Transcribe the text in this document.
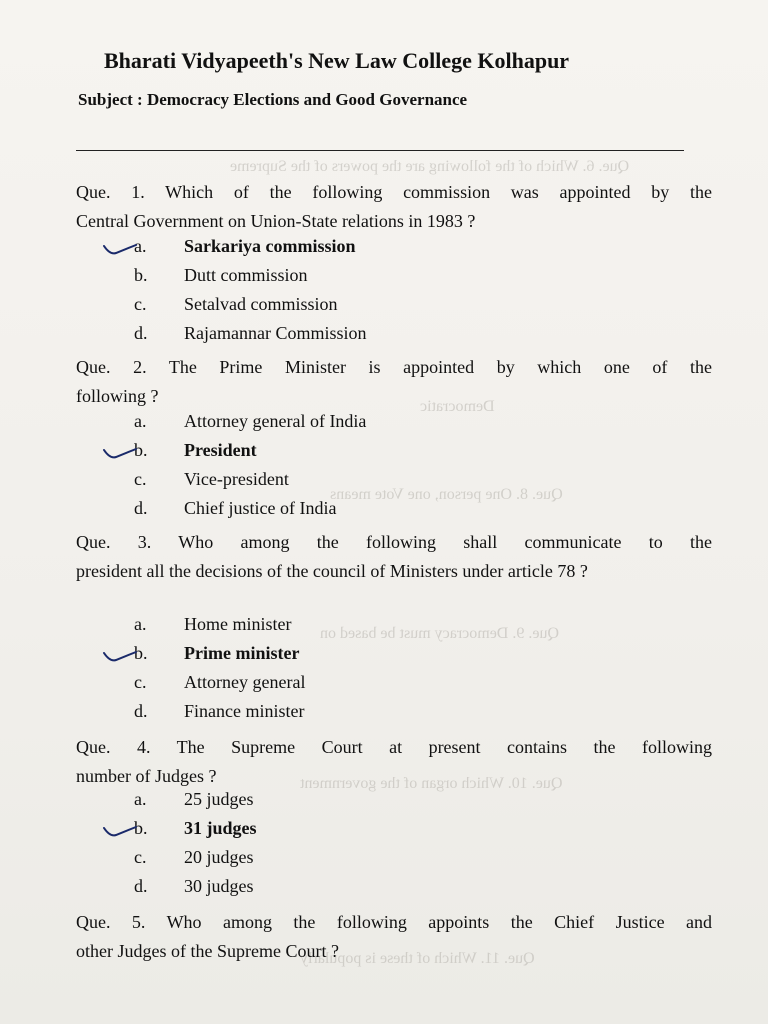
Que. 6. Which of the following are the powers of the Supreme
Democratic
Que. 8. One person, one Vote means
Que. 9. Democracy must be based on
Que. 10. Which organ of the government
Que. 11. Which of these is popularly
Bharati Vidyapeeth's New Law College Kolhapur
Subject : Democracy Elections and Good Governance
Que. 1. Which of the following commission was appointed by the
Central Government on Union-State relations in 1983 ?
a.	Sarkariya commission
b.	Dutt commission
c.	Setalvad commission
d.	Rajamannar Commission
Que. 2. The Prime Minister is appointed by which one of the
following ?
a.	Attorney general of India
b.	President
c.	Vice-president
d.	Chief justice of India
Que. 3. Who among the following shall communicate to the
president all the decisions of the council of Ministers under article 78 ?
a.	Home minister
b.	Prime minister
c.	Attorney general
d.	Finance minister
Que. 4. The Supreme Court at present contains the following
number of Judges ?
a.	25 judges
b.	31 judges
c.	20 judges
d.	30 judges
Que. 5. Who among the following appoints the Chief Justice and
other Judges of the Supreme Court ?
